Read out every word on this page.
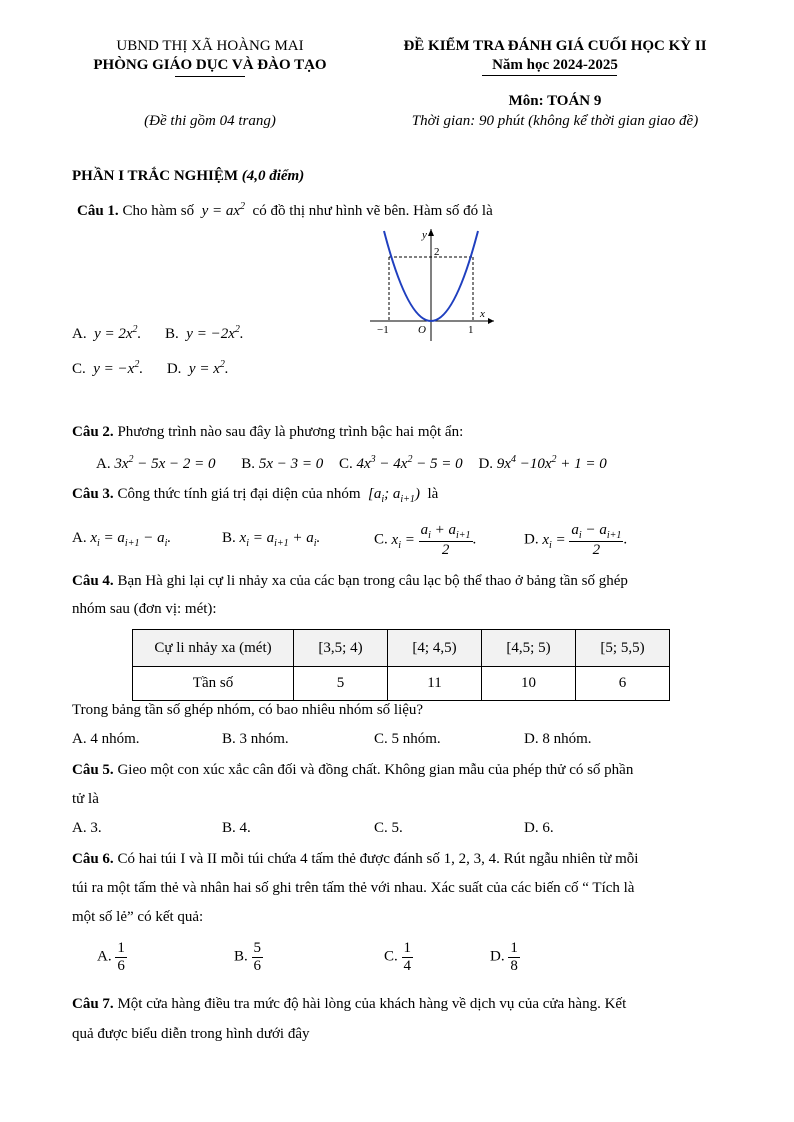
UBND THỊ XÃ HOÀNG MAI
PHÒNG GIÁO DỤC VÀ ĐÀO TẠO
ĐỀ KIỂM TRA ĐÁNH GIÁ CUỐI HỌC KỲ II
Năm học 2024-2025
Môn: TOÁN 9
(Đề thi gồm 04 trang)	Thời gian: 90 phút (không kể thời gian giao đề)
PHẦN I TRẮC NGHIỆM (4,0 điểm)
Câu 1. Cho hàm số  $y = ax^2$ có đồ thị như hình vẽ bên. Hàm số đó là
y
2
x
−1	O	1
A.  $y = 2x^2$. B.  $y = -2x^2$.
C.  $y = -x^2$. D.  $y = x^2$.
Câu 2. Phương trình nào sau đây là phương trình bậc hai một ẩn:
A. $3x^2 - 5x - 2 = 0$ B. 5x − 3 = 0 C. $4x^3 - 4x^2 - 5 = 0$ D. $9x^4 -10x^2 + 1 = 0$
Câu 3. Công thức tính giá trị đại diện của nhóm  [$a_i$; $a_{i+1}$)  là
A. $x_i = a_{i+1} - a_i$.	B. $x_i = a_{i+1} + a_i$.	C. $x_i = \frac{a_i + a_{i+1}}{2}$ .	D. $x_i = \frac{a_i - a_{i+1}}{2}$ .
Câu 4. Bạn Hà ghi lại cự li nhảy xa của các bạn trong câu lạc bộ thể thao ở bảng tần số ghép
nhóm sau (đơn vị: mét):
Cự li nhảy xa (mét)	[3,5; 4)	[4; 4,5)	[4,5; 5)	[5; 5,5)
Tần số	5	11	10	6
Trong bảng tần số ghép nhóm, có bao nhiêu nhóm số liệu?
A. 4 nhóm.	B. 3 nhóm.	C. 5 nhóm.	D. 8 nhóm.
Câu 5. Gieo một con xúc xắc cân đối và đồng chất. Không gian mẫu của phép thử có số phần
tử là
A. 3.	B. 4.	C. 5.	D. 6.
Câu 6. Có hai túi I và II mỗi túi chứa 4 tấm thẻ được đánh số 1, 2, 3, 4. Rút ngẫu nhiên từ mỗi
túi ra một tấm thẻ và nhân hai số ghi trên tấm thẻ với nhau. Xác suất của các biến cố “ Tích là
một số lẻ” có kết quả:
A. $\frac{1}{6}$	B. $\frac{5}{6}$	C. $\frac{1}{4}$	D. $\frac{1}{8}$
Câu 7. Một cửa hàng điều tra mức độ hài lòng của khách hàng về dịch vụ của cửa hàng. Kết
quả được biểu diễn trong hình dưới đây
